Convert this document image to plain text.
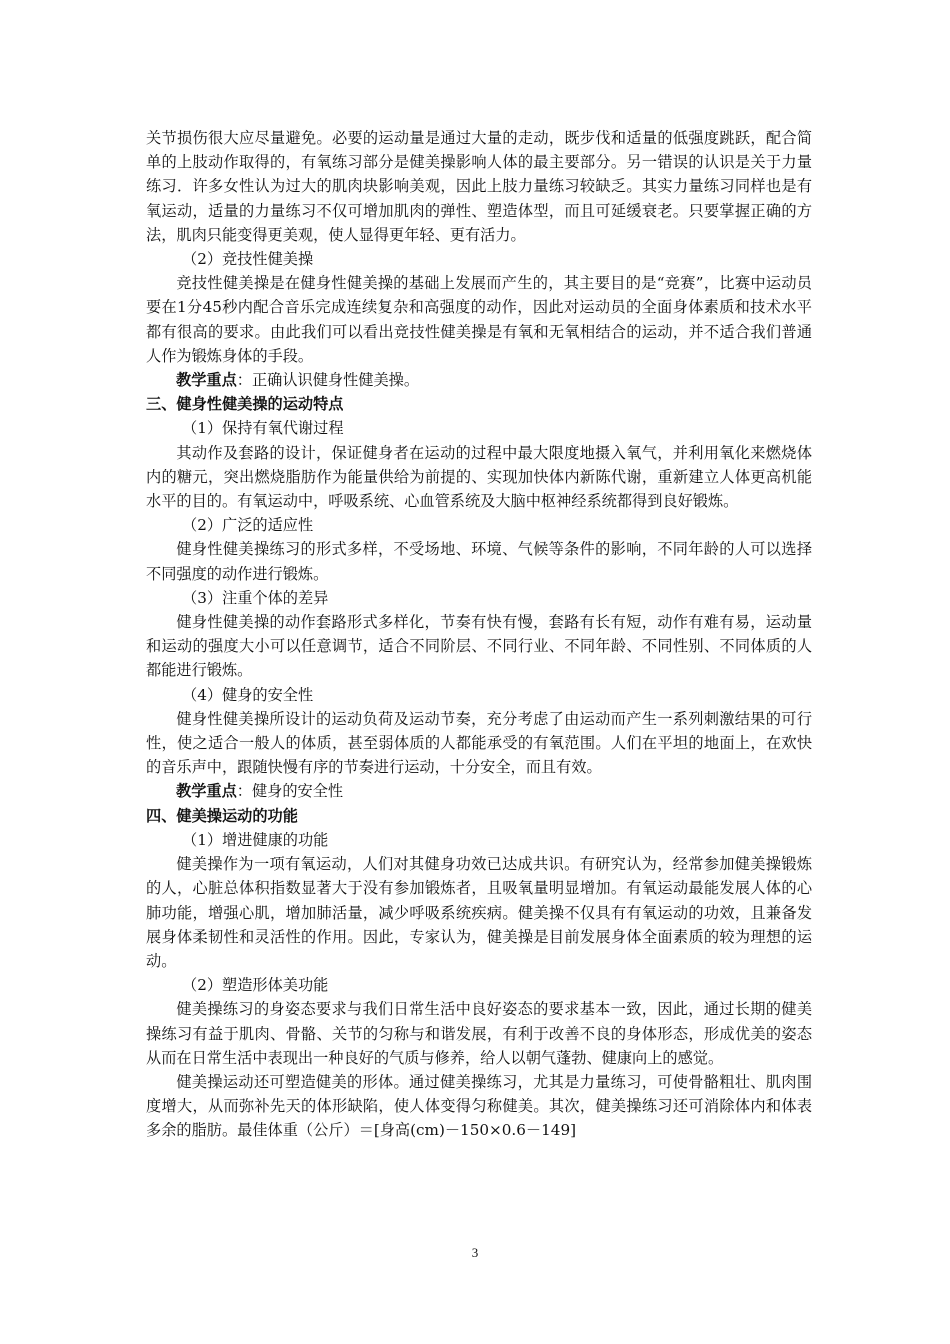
关节损伤很大应尽量避免。必要的运动量是通过大量的走动，既步伐和适量的低强度跳跃，配合简单的上肢动作取得的，有氧练习部分是健美操影响人体的最主要部分。另一错误的认识是关于力量练习．许多女性认为过大的肌肉块影响美观，因此上肢力量练习较缺乏。其实力量练习同样也是有氧运动，适量的力量练习不仅可增加肌肉的弹性、塑造体型，而且可延缓衰老。只要掌握正确的方法，肌肉只能变得更美观，使人显得更年轻、更有活力。

（2）竞技性健美操

竞技性健美操是在健身性健美操的基础上发展而产生的，其主要目的是“竞赛”，比赛中运动员要在1分45秒内配合音乐完成连续复杂和高强度的动作，因此对运动员的全面身体素质和技术水平都有很高的要求。由此我们可以看出竞技性健美操是有氧和无氧相结合的运动，并不适合我们普通人作为锻炼身体的手段。

教学重点：正确认识健身性健美操。

三、健身性健美操的运动特点

（1）保持有氧代谢过程

其动作及套路的设计，保证健身者在运动的过程中最大限度地摄入氧气，并利用氧化来燃烧体内的糖元，突出燃烧脂肪作为能量供给为前提的、实现加快体内新陈代谢，重新建立人体更高机能水平的目的。有氧运动中，呼吸系统、心血管系统及大脑中枢神经系统都得到良好锻炼。

（2）广泛的适应性

健身性健美操练习的形式多样，不受场地、环境、气候等条件的影响，不同年龄的人可以选择不同强度的动作进行锻炼。

（3）注重个体的差异

健身性健美操的动作套路形式多样化，节奏有快有慢，套路有长有短，动作有难有易，运动量和运动的强度大小可以任意调节，适合不同阶层、不同行业、不同年龄、不同性别、不同体质的人都能进行锻炼。

（4）健身的安全性

健身性健美操所设计的运动负荷及运动节奏，充分考虑了由运动而产生一系列刺激结果的可行性，使之适合一般人的体质，甚至弱体质的人都能承受的有氧范围。人们在平坦的地面上，在欢快的音乐声中，跟随快慢有序的节奏进行运动，十分安全，而且有效。

教学重点：健身的安全性

四、健美操运动的功能

（1）增进健康的功能

健美操作为一项有氧运动，人们对其健身功效已达成共识。有研究认为，经常参加健美操锻炼的人，心脏总体积指数显著大于没有参加锻炼者，且吸氧量明显增加。有氧运动最能发展人体的心肺功能，增强心肌，增加肺活量，减少呼吸系统疾病。健美操不仅具有有氧运动的功效，且兼备发展身体柔韧性和灵活性的作用。因此，专家认为，健美操是目前发展身体全面素质的较为理想的运动。

（2）塑造形体美功能

健美操练习的身姿态要求与我们日常生活中良好姿态的要求基本一致，因此，通过长期的健美操练习有益于肌肉、骨骼、关节的匀称与和谐发展，有利于改善不良的身体形态，形成优美的姿态从而在日常生活中表现出一种良好的气质与修养，给人以朝气蓬勃、健康向上的感觉。

健美操运动还可塑造健美的形体。通过健美操练习，尤其是力量练习，可使骨骼粗壮、肌肉围度增大，从而弥补先天的体形缺陷，使人体变得匀称健美。其次，健美操练习还可消除体内和体表多余的脂肪。最佳体重（公斤）＝[身高(cm)－150×0.6－149]

3
